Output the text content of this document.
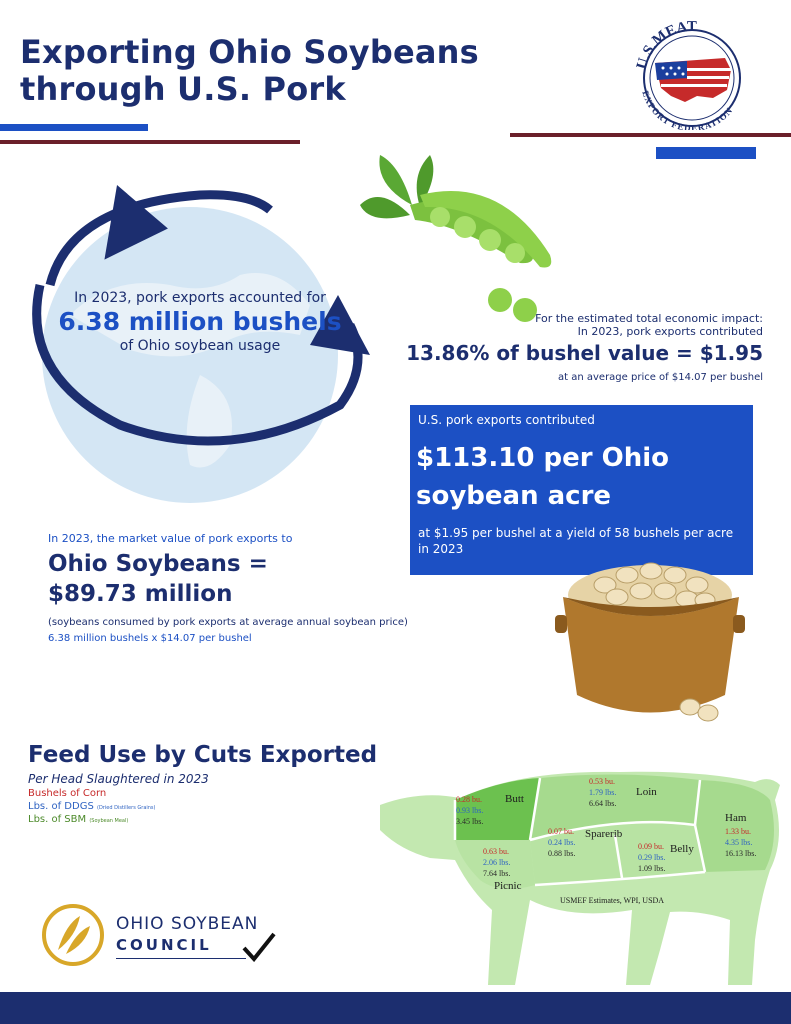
Exporting Ohio Soybeans
through U.S. Pork
U.S.MEAT
EXPORT FEDERATION
In 2023, pork exports accounted for
6.38 million bushels
of Ohio soybean usage
For the estimated total economic impact:
In 2023, pork exports contributed
13.86% of bushel value = $1.95
at an average price of $14.07 per bushel
U.S. pork exports contributed
$113.10 per Ohio
soybean acre
at $1.95 per bushel at a yield of 58 bushels per acre in 2023
In 2023, the market value of pork exports to
Ohio Soybeans =
$89.73 million
(soybeans consumed by pork exports at average annual soybean price)
6.38 million bushels x $14.07 per bushel
Feed Use by Cuts Exported
Per Head Slaughtered in 2023
Bushels of Corn
Lbs. of DDGS (Dried Distillers Grains)
Lbs. of SBM (Soybean Meal)
0.28 bu.
0.93 lbs.
3.45 lbs.
Butt
0.53 bu.
1.79 lbs.
6.64 lbs.
Loin
Ham
1.33 bu.
4.35 lbs.
16.13 lbs.
0.07 bu.
0.24 lbs.
0.88 lbs.
Sparerib
0.09 bu.
0.29 lbs.
1.09 lbs.
Belly
0.63 bu.
2.06 lbs.
7.64 lbs.
Picnic
USMEF Estimates, WPI, USDA
OHIO SOYBEAN
COUNCIL
